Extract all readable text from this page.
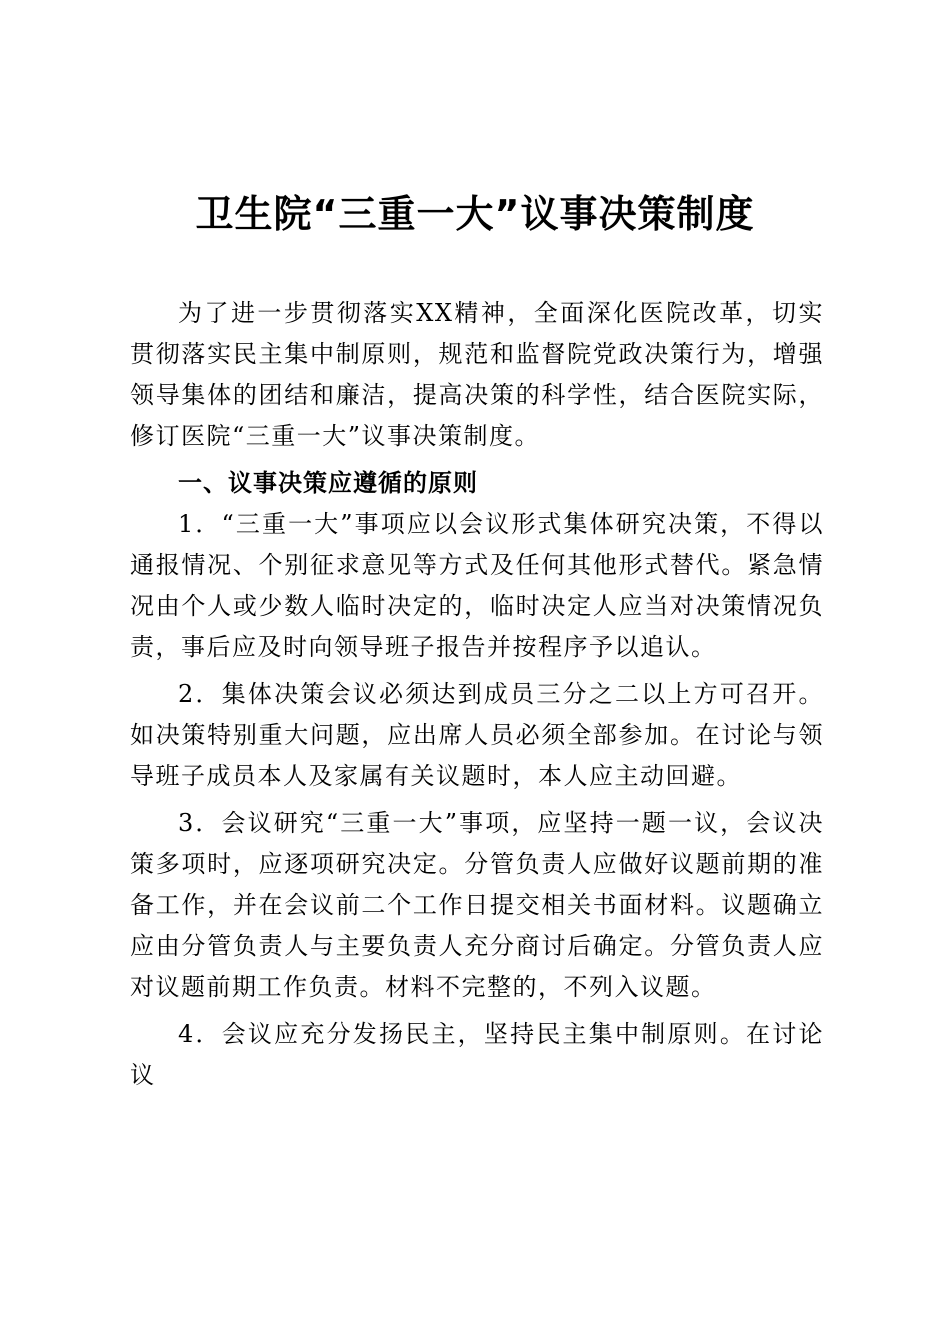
卫生院“三重一大”议事决策制度

为了进一步贯彻落实XX精神，全面深化医院改革，切实贯彻落实民主集中制原则，规范和监督院党政决策行为，增强领导集体的团结和廉洁，提高决策的科学性，结合医院实际，修订医院“三重一大”议事决策制度。

一、议事决策应遵循的原则

1．“三重一大”事项应以会议形式集体研究决策，不得以通报情况、个别征求意见等方式及任何其他形式替代。紧急情况由个人或少数人临时决定的，临时决定人应当对决策情况负责，事后应及时向领导班子报告并按程序予以追认。

2．集体决策会议必须达到成员三分之二以上方可召开。如决策特别重大问题，应出席人员必须全部参加。在讨论与领导班子成员本人及家属有关议题时，本人应主动回避。

3．会议研究“三重一大”事项，应坚持一题一议，会议决策多项时，应逐项研究决定。分管负责人应做好议题前期的准备工作，并在会议前二个工作日提交相关书面材料。议题确立应由分管负责人与主要负责人充分商讨后确定。分管负责人应对议题前期工作负责。材料不完整的，不列入议题。

4．会议应充分发扬民主，坚持民主集中制原则。在讨论议
